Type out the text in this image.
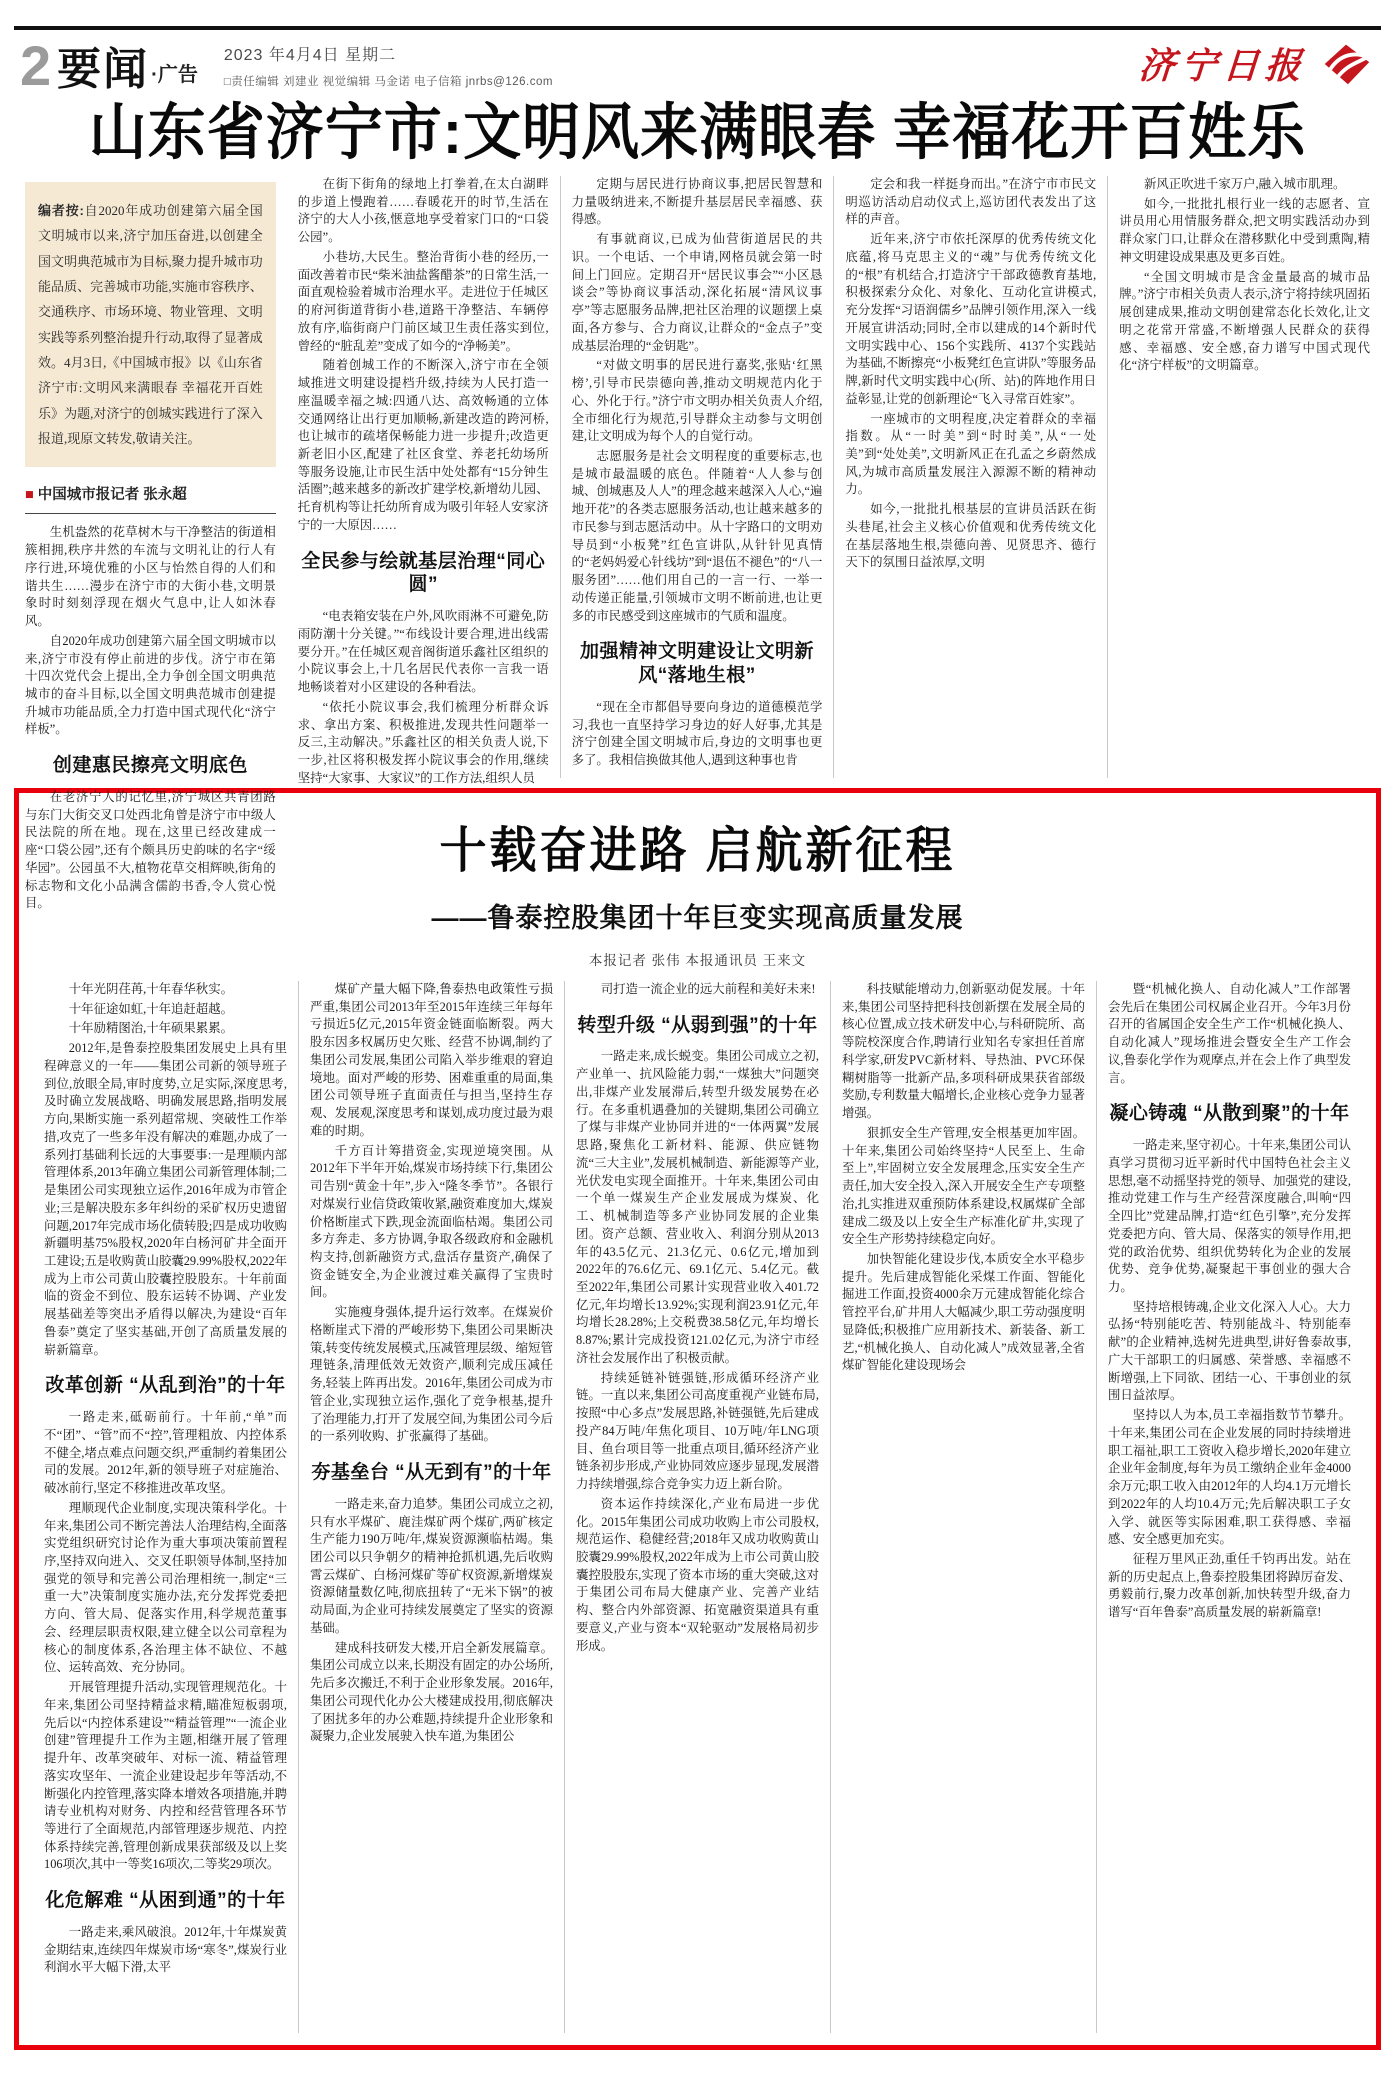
2 要闻 ·广告
2023 年4月4日 星期二
□责任编辑 刘建业 视觉编辑 马金诺 电子信箱 jnrbs@126.com	济宁日报
山东省济宁市:文明风来满眼春 幸福花开百姓乐
编者按:自2020年成功创建第六届全国文明城市以来,济宁加压奋进,以创建全国文明典范城市为目标,聚力提升城市功能品质、完善城市功能,实施市容秩序、交通秩序、市场环境、物业管理、文明实践等系列整治提升行动,取得了显著成效。4月3日,《中国城市报》以《山东省济宁市:文明风来满眼春 幸福花开百姓乐》为题,对济宁的创城实践进行了深入报道,现原文转发,敬请关注。
■ 中国城市报记者 张永超

生机盎然的花草树木与干净整洁的街道相簇相拥,秩序井然的车流与文明礼让的行人有序行进,环境优雅的小区与怡然自得的人们和谐共生……漫步在济宁市的大街小巷,文明景象时时刻刻浮现在烟火气息中,让人如沐春风。

自2020年成功创建第六届全国文明城市以来,济宁市没有停止前进的步伐。济宁市在第十四次党代会上提出,全力争创全国文明典范城市的奋斗目标,以全国文明典范城市创建提升城市功能品质,全力打造中国式现代化“济宁样板”。

创建惠民擦亮文明底色

在老济宁人的记忆里,济宁城区共青团路与东门大街交叉口处西北角曾是济宁市中级人民法院的所在地。现在,这里已经改建成一座“口袋公园”,还有个颇具历史韵味的名字“绥华园”。公园虽不大,植物花草交相辉映,街角的标志物和文化小品满含儒韵书香,令人赏心悦目。

在街下街角的绿地上打拳着,在太白湖畔的步道上慢跑着……春暖花开的时节,生活在济宁的大人小孩,惬意地享受着家门口的“口袋公园”。

小巷坊,大民生。整治背街小巷的经历,一面改善着市民“柴米油盐酱醋茶”的日常生活,一面直观检验着城市治理水平。走进位于任城区的府河街道背街小巷,道路干净整洁、车辆停放有序,临街商户门前区域卫生责任落实到位,曾经的“脏乱差”变成了如今的“净畅美”。

随着创城工作的不断深入,济宁市在全领域推进文明建设提档升级,持续为人民打造一座温暖幸福之城:四通八达、高效畅通的立体交通网络让出行更加顺畅,新建改造的跨河桥,也让城市的疏堵保畅能力进一步提升;改造更新老旧小区,配建了社区食堂、养老托幼场所等服务设施,让市民生活中处处都有“15分钟生活圈”;越来越多的新改扩建学校,新增幼儿园、托育机构等让托幼所育成为吸引年轻人安家济宁的一大原因……

全民参与绘就基层治理“同心圆”

“电表箱安装在户外,风吹雨淋不可避免,防雨防潮十分关键。”“布线设计要合理,进出线需要分开。”在任城区观音阁街道乐鑫社区组织的小院议事会上,十几名居民代表你一言我一语地畅谈着对小区建设的各种看法。

“依托小院议事会,我们梳理分析群众诉求、拿出方案、积极推进,发现共性问题举一反三,主动解决。”乐鑫社区的相关负责人说,下一步,社区将积极发挥小院议事会的作用,继续坚持“大家事、大家议”的工作方法,组织人员

定期与居民进行协商议事,把居民智慧和力量吸纳进来,不断提升基层居民幸福感、获得感。

有事就商议,已成为仙营街道居民的共识。一个电话、一个申请,网格员就会第一时间上门回应。定期召开“居民议事会”“小区恳谈会”等协商议事活动,深化拓展“清风议事亭”等志愿服务品牌,把社区治理的议题摆上桌面,各方参与、合力商议,让群众的“金点子”变成基层治理的“金钥匙”。

“对做文明事的居民进行嘉奖,张贴‘红黑榜’,引导市民崇德向善,推动文明规范内化于心、外化于行。”济宁市文明办相关负责人介绍,全市细化行为规范,引导群众主动参与文明创建,让文明成为每个人的自觉行动。

志愿服务是社会文明程度的重要标志,也是城市最温暖的底色。伴随着“人人参与创城、创城惠及人人”的理念越来越深入人心,“遍地开花”的各类志愿服务活动,也让越来越多的市民参与到志愿活动中。从十字路口的文明劝导员到“小板凳”红色宣讲队,从针针见真情的“老妈妈爱心针线坊”到“退伍不褪色”的“八一服务团”……他们用自己的一言一行、一举一动传递正能量,引领城市文明不断前进,也让更多的市民感受到这座城市的气质和温度。

加强精神文明建设让文明新风“落地生根”

“现在全市都倡导要向身边的道德模范学习,我也一直坚持学习身边的好人好事,尤其是济宁创建全国文明城市后,身边的文明事也更多了。我相信换做其他人,遇到这种事也肯

定会和我一样挺身而出。”在济宁市市民文明巡访活动启动仪式上,巡访团代表发出了这样的声音。

近年来,济宁市依托深厚的优秀传统文化底蕴,将马克思主义的“魂”与优秀传统文化的“根”有机结合,打造济宁干部政德教育基地,积极探索分众化、对象化、互动化宣讲模式,充分发挥“习语润儒乡”品牌引领作用,深入一线开展宣讲活动;同时,全市以建成的14个新时代文明实践中心、156个实践所、4137个实践站为基础,不断擦亮“小板凳红色宣讲队”等服务品牌,新时代文明实践中心(所、站)的阵地作用日益彰显,让党的创新理论“飞入寻常百姓家”。

一座城市的文明程度,决定着群众的幸福指数。从“一时美”到“时时美”,从“一处美”到“处处美”,文明新风正在孔孟之乡蔚然成风,为城市高质量发展注入源源不断的精神动力。

如今,一批批扎根基层的宣讲员活跃在街头巷尾,社会主义核心价值观和优秀传统文化在基层落地生根,崇德向善、见贤思齐、德行天下的氛围日益浓厚,文明

新风正吹进千家万户,融入城市肌理。

如今,一批批扎根行业一线的志愿者、宣讲员用心用情服务群众,把文明实践活动办到群众家门口,让群众在潜移默化中受到熏陶,精神文明建设成果惠及更多百姓。

“全国文明城市是含金量最高的城市品牌。”济宁市相关负责人表示,济宁将持续巩固拓展创建成果,推动文明创建常态化长效化,让文明之花常开常盛,不断增强人民群众的获得感、幸福感、安全感,奋力谱写中国式现代化“济宁样板”的文明篇章。

十载奋进路 启航新征程
——鲁泰控股集团十年巨变实现高质量发展
本报记者 张伟 本报通讯员 王来文

十年光阴荏苒,十年春华秋实。

十年征途如虹,十年追赶超越。

十年励精图治,十年硕果累累。

2012年,是鲁泰控股集团发展史上具有里程碑意义的一年——集团公司新的领导班子到位,放眼全局,审时度势,立足实际,深度思考,及时确立发展战略、明确发展思路,指明发展方向,果断实施一系列超常规、突破性工作举措,攻克了一些多年没有解决的难题,办成了一系列打基础利长远的大事要事:一是理顺内部管理体系,2013年确立集团公司新管理体制;二是集团公司实现独立运作,2016年成为市管企业;三是解决股东多年纠纷的采矿权历史遗留问题,2017年完成市场化债转股;四是成功收购新疆明基75%股权,2020年白杨河矿井全面开工建设;五是收购黄山胶囊29.99%股权,2022年成为上市公司黄山胶囊控股股东。十年前面临的资金不到位、股东运转不协调、产业发展基础差等突出矛盾得以解决,为建设“百年鲁泰”奠定了坚实基础,开创了高质量发展的崭新篇章。

改革创新 “从乱到治”的十年

一路走来,砥砺前行。十年前,“单”而不“团”、“管”而不“控”,管理粗放、内控体系不健全,堵点难点问题交织,严重制约着集团公司的发展。2012年,新的领导班子对症施治、破冰前行,坚定不移推进改革攻坚。

理顺现代企业制度,实现决策科学化。十年来,集团公司不断完善法人治理结构,全面落实党组织研究讨论作为重大事项决策前置程序,坚持双向进入、交叉任职领导体制,坚持加强党的领导和完善公司治理相统一,制定“三重一大”决策制度实施办法,充分发挥党委把方向、管大局、促落实作用,科学规范董事会、经理层职责权限,建立健全以公司章程为核心的制度体系,各治理主体不缺位、不越位、运转高效、充分协同。

开展管理提升活动,实现管理规范化。十年来,集团公司坚持精益求精,瞄准短板弱项,先后以“内控体系建设”“精益管理”“一流企业创建”管理提升工作为主题,相继开展了管理提升年、改革突破年、对标一流、精益管理落实攻坚年、一流企业建设起步年等活动,不断强化内控管理,落实降本增效各项措施,并聘请专业机构对财务、内控和经营管理各环节等进行了全面规范,内部管理逐步规范、内控体系持续完善,管理创新成果获部级及以上奖106项次,其中一等奖16项次,二等奖29项次。

化危解难 “从困到通”的十年

一路走来,乘风破浪。2012年,十年煤炭黄金期结束,连续四年煤炭市场“寒冬”,煤炭行业利润水平大幅下滑,太平

煤矿产量大幅下降,鲁泰热电政策性亏损严重,集团公司2013年至2015年连续三年每年亏损近5亿元,2015年资金链面临断裂。两大股东因多权属历史欠账、经营不协调,制约了集团公司发展,集团公司陷入举步维艰的窘迫境地。面对严峻的形势、困难重重的局面,集团公司领导班子直面责任与担当,坚持生存观、发展观,深度思考和谋划,成功度过最为艰难的时期。

千方百计筹措资金,实现逆境突围。从2012年下半年开始,煤炭市场持续下行,集团公司告别“黄金十年”,步入“隆冬季节”。各银行对煤炭行业信贷政策收紧,融资难度加大,煤炭价格断崖式下跌,现金流面临枯竭。集团公司多方奔走、多方协调,争取各级政府和金融机构支持,创新融资方式,盘活存量资产,确保了资金链安全,为企业渡过难关赢得了宝贵时间。

实施瘦身强体,提升运行效率。在煤炭价格断崖式下滑的严峻形势下,集团公司果断决策,转变传统发展模式,压减管理层级、缩短管理链条,清理低效无效资产,顺利完成压减任务,轻装上阵再出发。2016年,集团公司成为市管企业,实现独立运作,强化了竞争根基,提升了治理能力,打开了发展空间,为集团公司今后的一系列收购、扩张赢得了基础。

夯基垒台 “从无到有”的十年

一路走来,奋力追梦。集团公司成立之初,只有水平煤矿、鹿洼煤矿两个煤矿,两矿核定生产能力190万吨/年,煤炭资源濒临枯竭。集团公司以只争朝夕的精神抢抓机遇,先后收购霄云煤矿、白杨河煤矿等矿权资源,新增煤炭资源储量数亿吨,彻底扭转了“无米下锅”的被动局面,为企业可持续发展奠定了坚实的资源基础。

建成科技研发大楼,开启全新发展篇章。集团公司成立以来,长期没有固定的办公场所,先后多次搬迁,不利于企业形象发展。2016年,集团公司现代化办公大楼建成投用,彻底解决了困扰多年的办公难题,持续提升企业形象和凝聚力,企业发展驶入快车道,为集团公

司打造一流企业的远大前程和美好未来!

转型升级 “从弱到强”的十年

一路走来,成长蜕变。集团公司成立之初,产业单一、抗风险能力弱,“一煤独大”问题突出,非煤产业发展滞后,转型升级发展势在必行。在多重机遇叠加的关键期,集团公司确立了煤与非煤产业协同并进的“一体两翼”发展思路,聚焦化工新材料、能源、供应链物流“三大主业”,发展机械制造、新能源等产业,光伏发电实现全面推开。十年来,集团公司由一个单一煤炭生产企业发展成为煤炭、化工、机械制造等多产业协同发展的企业集团。资产总额、营业收入、利润分别从2013年的43.5亿元、21.3亿元、0.6亿元,增加到2022年的76.6亿元、69.1亿元、5.4亿元。截至2022年,集团公司累计实现营业收入401.72亿元,年均增长13.92%;实现利润23.91亿元,年均增长28.28%;上交税费38.58亿元,年均增长8.87%;累计完成投资121.02亿元,为济宁市经济社会发展作出了积极贡献。

持续延链补链强链,形成循环经济产业链。一直以来,集团公司高度重视产业链布局,按照“中心多点”发展思路,补链强链,先后建成投产84万吨/年焦化项目、10万吨/年LNG项目、鱼台项目等一批重点项目,循环经济产业链条初步形成,产业协同效应逐步显现,发展潜力持续增强,综合竞争实力迈上新台阶。

资本运作持续深化,产业布局进一步优化。2015年集团公司成功收购上市公司股权,规范运作、稳健经营;2018年又成功收购黄山胶囊29.99%股权,2022年成为上市公司黄山胶囊控股股东,实现了资本市场的重大突破,这对于集团公司布局大健康产业、完善产业结构、整合内外部资源、拓宽融资渠道具有重要意义,产业与资本“双轮驱动”发展格局初步形成。

科技赋能增动力,创新驱动促发展。十年来,集团公司坚持把科技创新摆在发展全局的核心位置,成立技术研发中心,与科研院所、高等院校深度合作,聘请行业知名专家担任首席科学家,研发PVC新材料、导热油、PVC环保糊树脂等一批新产品,多项科研成果获省部级奖励,专利数量大幅增长,企业核心竞争力显著增强。

狠抓安全生产管理,安全根基更加牢固。十年来,集团公司始终坚持“人民至上、生命至上”,牢固树立安全发展理念,压实安全生产责任,加大安全投入,深入开展安全生产专项整治,扎实推进双重预防体系建设,权属煤矿全部建成二级及以上安全生产标准化矿井,实现了安全生产形势持续稳定向好。

加快智能化建设步伐,本质安全水平稳步提升。先后建成智能化采煤工作面、智能化掘进工作面,投资4000余万元建成智能化综合管控平台,矿井用人大幅减少,职工劳动强度明显降低;积极推广应用新技术、新装备、新工艺,“机械化换人、自动化减人”成效显著,全省煤矿智能化建设现场会

暨“机械化换人、自动化减人”工作部署会先后在集团公司权属企业召开。今年3月份召开的省属国企安全生产工作“机械化换人、自动化减人”现场推进会暨安全生产工作会议,鲁泰化学作为观摩点,并在会上作了典型发言。

凝心铸魂 “从散到聚”的十年

一路走来,坚守初心。十年来,集团公司认真学习贯彻习近平新时代中国特色社会主义思想,毫不动摇坚持党的领导、加强党的建设,推动党建工作与生产经营深度融合,叫响“四全四比”党建品牌,打造“红色引擎”,充分发挥党委把方向、管大局、保落实的领导作用,把党的政治优势、组织优势转化为企业的发展优势、竞争优势,凝聚起干事创业的强大合力。

坚持培根铸魂,企业文化深入人心。大力弘扬“特别能吃苦、特别能战斗、特别能奉献”的企业精神,选树先进典型,讲好鲁泰故事,广大干部职工的归属感、荣誉感、幸福感不断增强,上下同欲、团结一心、干事创业的氛围日益浓厚。

坚持以人为本,员工幸福指数节节攀升。十年来,集团公司在企业发展的同时持续增进职工福祉,职工工资收入稳步增长,2020年建立企业年金制度,每年为员工缴纳企业年金4000余万元;职工收入由2012年的人均4.1万元增长到2022年的人均10.4万元;先后解决职工子女入学、就医等实际困难,职工获得感、幸福感、安全感更加充实。

征程万里风正劲,重任千钧再出发。站在新的历史起点上,鲁泰控股集团将踔厉奋发、勇毅前行,聚力改革创新,加快转型升级,奋力谱写“百年鲁泰”高质量发展的崭新篇章!
